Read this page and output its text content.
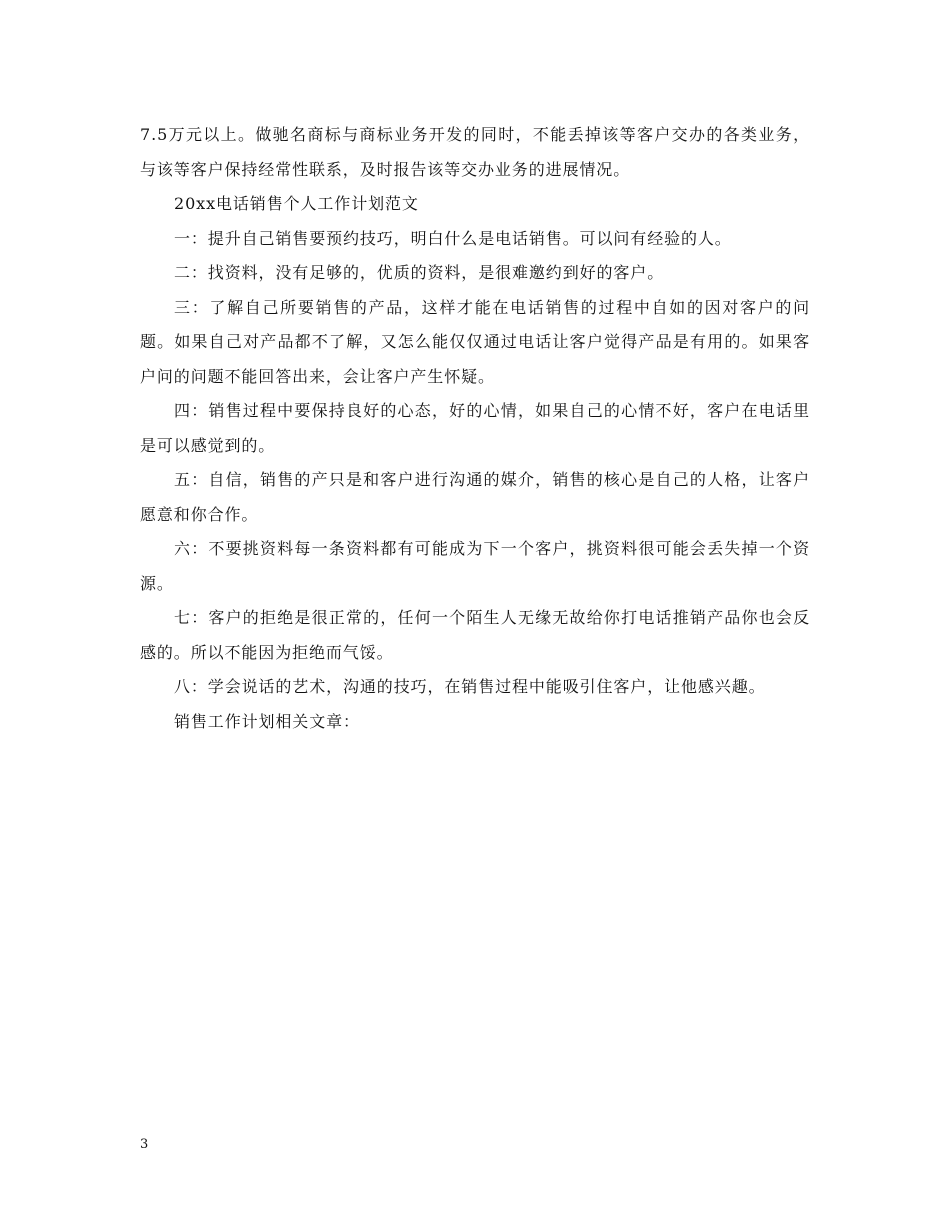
7.5万元以上。做驰名商标与商标业务开发的同时，不能丢掉该等客户交办的各类业务，与该等客户保持经常性联系，及时报告该等交办业务的进展情况。

20xx电话销售个人工作计划范文

一：提升自己销售要预约技巧，明白什么是电话销售。可以问有经验的人。

二：找资料，没有足够的，优质的资料，是很难邀约到好的客户。

三：了解自己所要销售的产品，这样才能在电话销售的过程中自如的因对客户的问题。如果自己对产品都不了解，又怎么能仅仅通过电话让客户觉得产品是有用的。如果客户问的问题不能回答出来，会让客户产生怀疑。

四：销售过程中要保持良好的心态，好的心情，如果自己的心情不好，客户在电话里是可以感觉到的。

五：自信，销售的产只是和客户进行沟通的媒介，销售的核心是自己的人格，让客户愿意和你合作。

六：不要挑资料每一条资料都有可能成为下一个客户，挑资料很可能会丢失掉一个资源。

七：客户的拒绝是很正常的，任何一个陌生人无缘无故给你打电话推销产品你也会反感的。所以不能因为拒绝而气馁。

八：学会说话的艺术，沟通的技巧，在销售过程中能吸引住客户，让他感兴趣。

销售工作计划相关文章：

3
